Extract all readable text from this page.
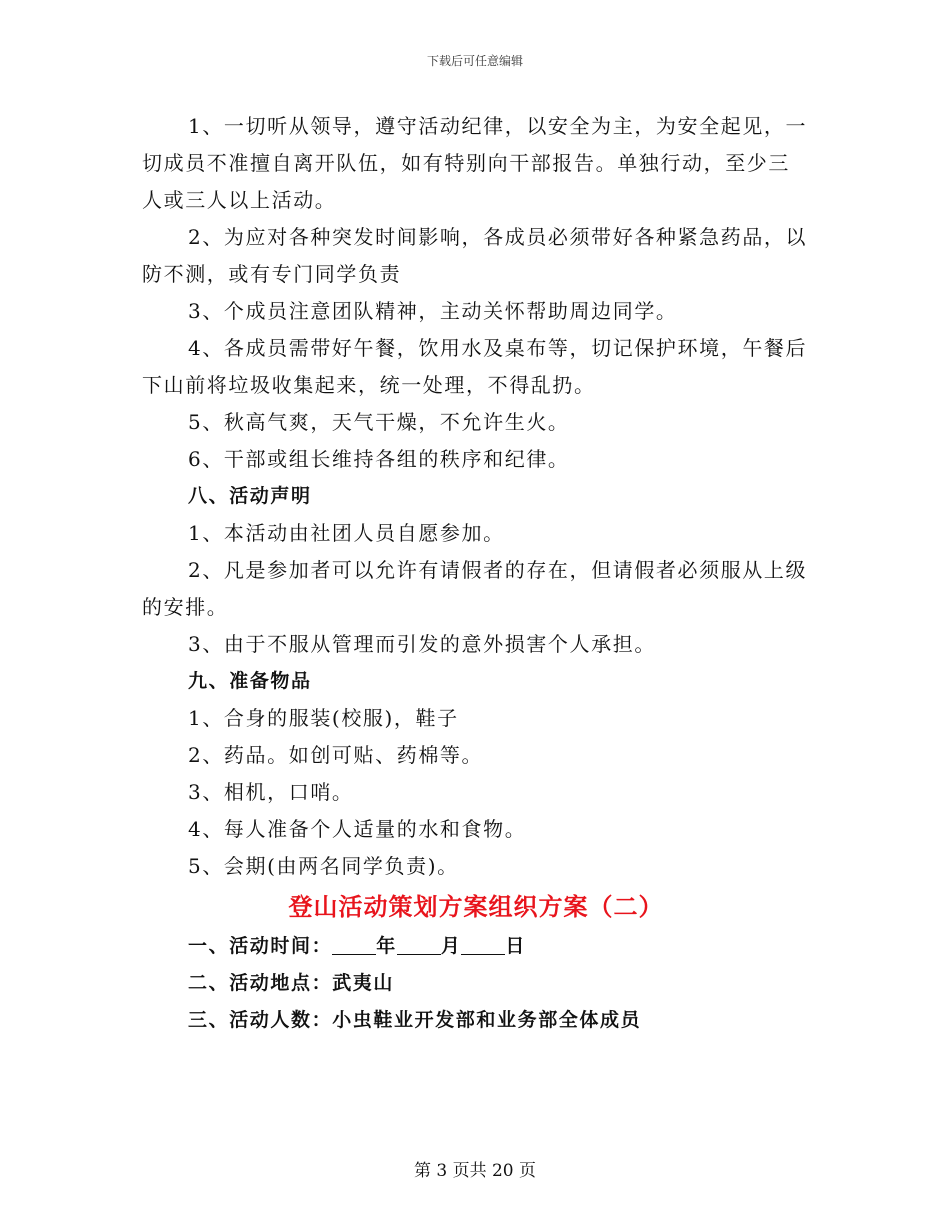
下载后可任意编辑
1、一切听从领导，遵守活动纪律，以安全为主，为安全起见，一
切成员不准擅自离开队伍，如有特别向干部报告。单独行动，至少三
人或三人以上活动。
2、为应对各种突发时间影响，各成员必须带好各种紧急药品，以
防不测，或有专门同学负责
3、个成员注意团队精神，主动关怀帮助周边同学。
4、各成员需带好午餐，饮用水及桌布等，切记保护环境，午餐后
下山前将垃圾收集起来，统一处理，不得乱扔。
5、秋高气爽，天气干燥，不允许生火。
6、干部或组长维持各组的秩序和纪律。
八、活动声明
1、本活动由社团人员自愿参加。
2、凡是参加者可以允许有请假者的存在，但请假者必须服从上级
的安排。
3、由于不服从管理而引发的意外损害个人承担。
九、准备物品
1、合身的服装(校服)，鞋子
2、药品。如创可贴、药棉等。
3、相机，口哨。
4、每人准备个人适量的水和食物。
5、会期(由两名同学负责)。
登山活动策划方案组织方案（二）
一、活动时间： 年 月 日
二、活动地点：武夷山
三、活动人数：小虫鞋业开发部和业务部全体成员
第 3 页共 20 页
